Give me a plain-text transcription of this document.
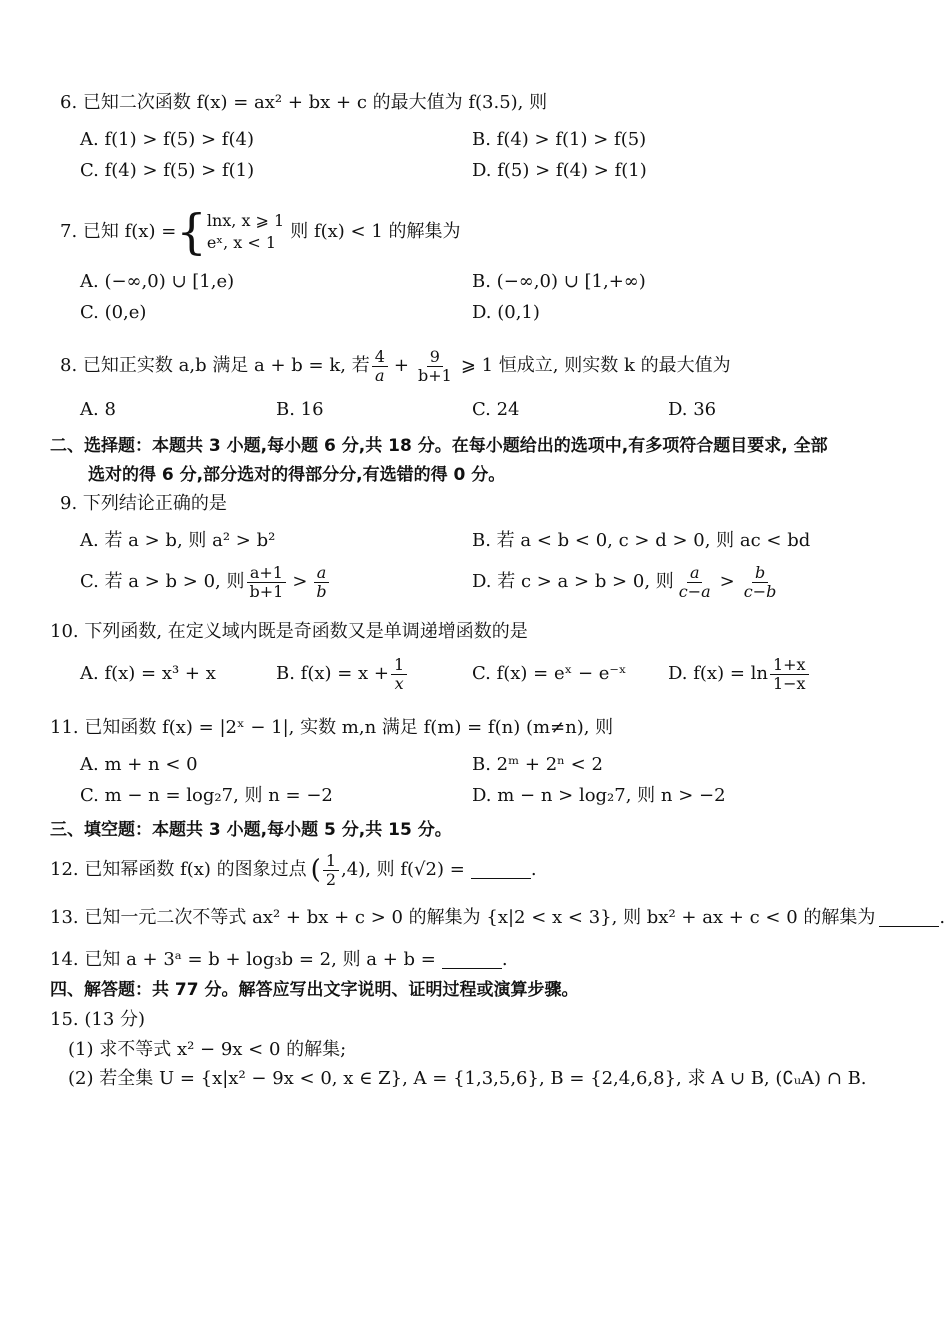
6. 已知二次函数 f(x) = ax² + bx + c 的最大值为 f(3.5), 则
A. f(1) > f(5) > f(4)	B. f(4) > f(1) > f(5)
C. f(4) > f(5) > f(1)	D. f(5) > f(4) > f(1)
7. 已知 f(x) = { lnx, x ⩾ 1
eˣ, x < 1
则 f(x) < 1 的解集为
A. (−∞,0) ∪ [1,e)	B. (−∞,0) ∪ [1,+∞)
C. (0,e)	D. (0,1)
8. 已知正实数 a,b 满足 a + b = k, 若 $\frac{4}{a} + \frac{9}{b+1}$ ⩾ 1 恒成立, 则实数 k 的最大值为
A. 8	B. 16	C. 24	D. 36
二、选择题：本题共 3 小题,每小题 6 分,共 18 分。在每小题给出的选项中,有多项符合题目要求, 全部
选对的得 6 分,部分选对的得部分分,有选错的得 0 分。
9. 下列结论正确的是
A. 若 a > b, 则 a² > b²	B. 若 a < b < 0, c > d > 0, 则 ac < bd
C. 若 a > b > 0, 则 $\frac{a+1}{b+1} > \frac{a}{b}$	D. 若 c > a > b > 0, 则 $\frac{a}{c-a} > \frac{b}{c-b}$
10. 下列函数, 在定义域内既是奇函数又是单调递增函数的是
A. f(x) = x³ + x	B. $f(x) = x + \frac{1}{x}$	C. f(x) = eˣ − e⁻ˣ D. $f(x) = \ln \frac{1+x}{1-x}$
11. 已知函数 f(x) = |2ˣ − 1|, 实数 m,n 满足 f(m) = f(n) (m≠n), 则
A. m + n < 0	B. 2ᵐ + 2ⁿ < 2
C. m − n = log₂7, 则 n = −2	D. m − n > log₂7, 则 n > −2
三、填空题：本题共 3 小题,每小题 5 分,共 15 分。
12. 已知幂函数 f(x) 的图象过点 ( $\frac{1}{2} ,4$) , 则 f(√2) =	.
13. 已知一元二次不等式 ax² + bx + c > 0 的解集为 {x|2 < x < 3}, 则 bx² + ax + c < 0 的解集为	.
14. 已知 a + 3ᵃ = b + log₃b = 2, 则 a + b =	.
四、解答题：共 77 分。解答应写出文字说明、证明过程或演算步骤。
15. (13 分)
(1) 求不等式 x² − 9x < 0 的解集;
(2) 若全集 U = {x|x² − 9x < 0, x ∈ Z}, A = {1,3,5,6}, B = {2,4,6,8}, 求 A ∪ B, (∁ᵤA) ∩ B.
